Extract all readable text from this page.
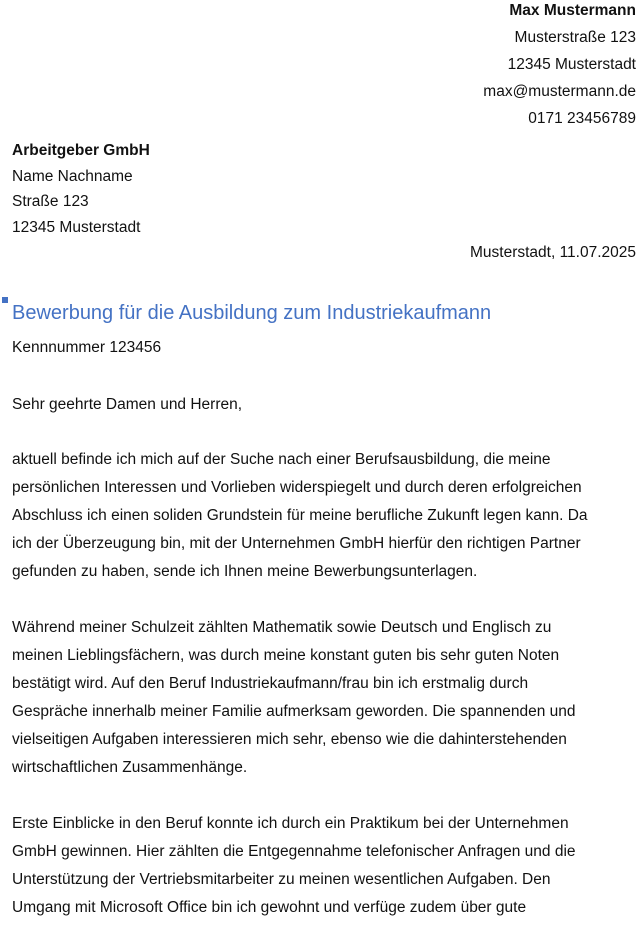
Max Mustermann
Musterstraße 123
12345 Musterstadt
max@mustermann.de
0171 23456789
Arbeitgeber GmbH
Name Nachname
Straße 123
12345 Musterstadt
Musterstadt, 11.07.2025
Bewerbung für die Ausbildung zum Industriekaufmann
Kennnummer 123456
Sehr geehrte Damen und Herren,
aktuell befinde ich mich auf der Suche nach einer Berufsausbildung, die meine
persönlichen Interessen und Vorlieben widerspiegelt und durch deren erfolgreichen
Abschluss ich einen soliden Grundstein für meine berufliche Zukunft legen kann. Da
ich der Überzeugung bin, mit der Unternehmen GmbH hierfür den richtigen Partner
gefunden zu haben, sende ich Ihnen meine Bewerbungsunterlagen.
Während meiner Schulzeit zählten Mathematik sowie Deutsch und Englisch zu
meinen Lieblingsfächern, was durch meine konstant guten bis sehr guten Noten
bestätigt wird. Auf den Beruf Industriekaufmann/frau bin ich erstmalig durch
Gespräche innerhalb meiner Familie aufmerksam geworden. Die spannenden und
vielseitigen Aufgaben interessieren mich sehr, ebenso wie die dahinterstehenden
wirtschaftlichen Zusammenhänge.
Erste Einblicke in den Beruf konnte ich durch ein Praktikum bei der Unternehmen
GmbH gewinnen. Hier zählten die Entgegennahme telefonischer Anfragen und die
Unterstützung der Vertriebsmitarbeiter zu meinen wesentlichen Aufgaben. Den
Umgang mit Microsoft Office bin ich gewohnt und verfüge zudem über gute
